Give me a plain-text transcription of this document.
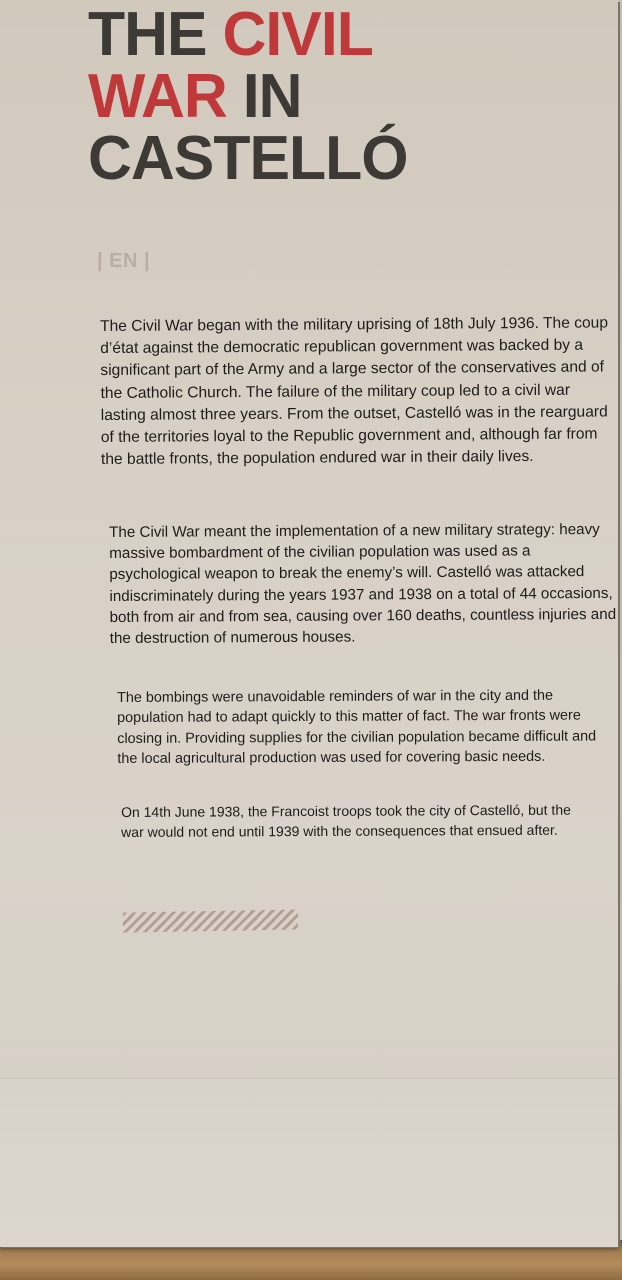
THE CIVIL
WAR IN
CASTELLÓ
| EN |

The Civil War began with the military uprising of 18th July 1936. The coup d’état against the democratic republican government was backed by a significant part of the Army and a large sector of the conservatives and of the Catholic Church. The failure of the military coup led to a civil war lasting almost three years. From the outset, Castelló was in the rearguard of the territories loyal to the Republic government and, although far from the battle fronts, the population endured war in their daily lives.

The Civil War meant the implementation of a new military strategy: heavy massive bombardment of the civilian population was used as a psychological weapon to break the enemy’s will. Castelló was attacked indiscriminately during the years 1937 and 1938 on a total of 44 occasions, both from air and from sea, causing over 160 deaths, countless injuries and the destruction of numerous houses.

The bombings were unavoidable reminders of war in the city and the population had to adapt quickly to this matter of fact. The war fronts were closing in. Providing supplies for the civilian population became difficult and the local agricultural production was used for covering basic needs.

On 14th June 1938, the Francoist troops took the city of Castelló, but the war would not end until 1939 with the consequences that ensued after.
